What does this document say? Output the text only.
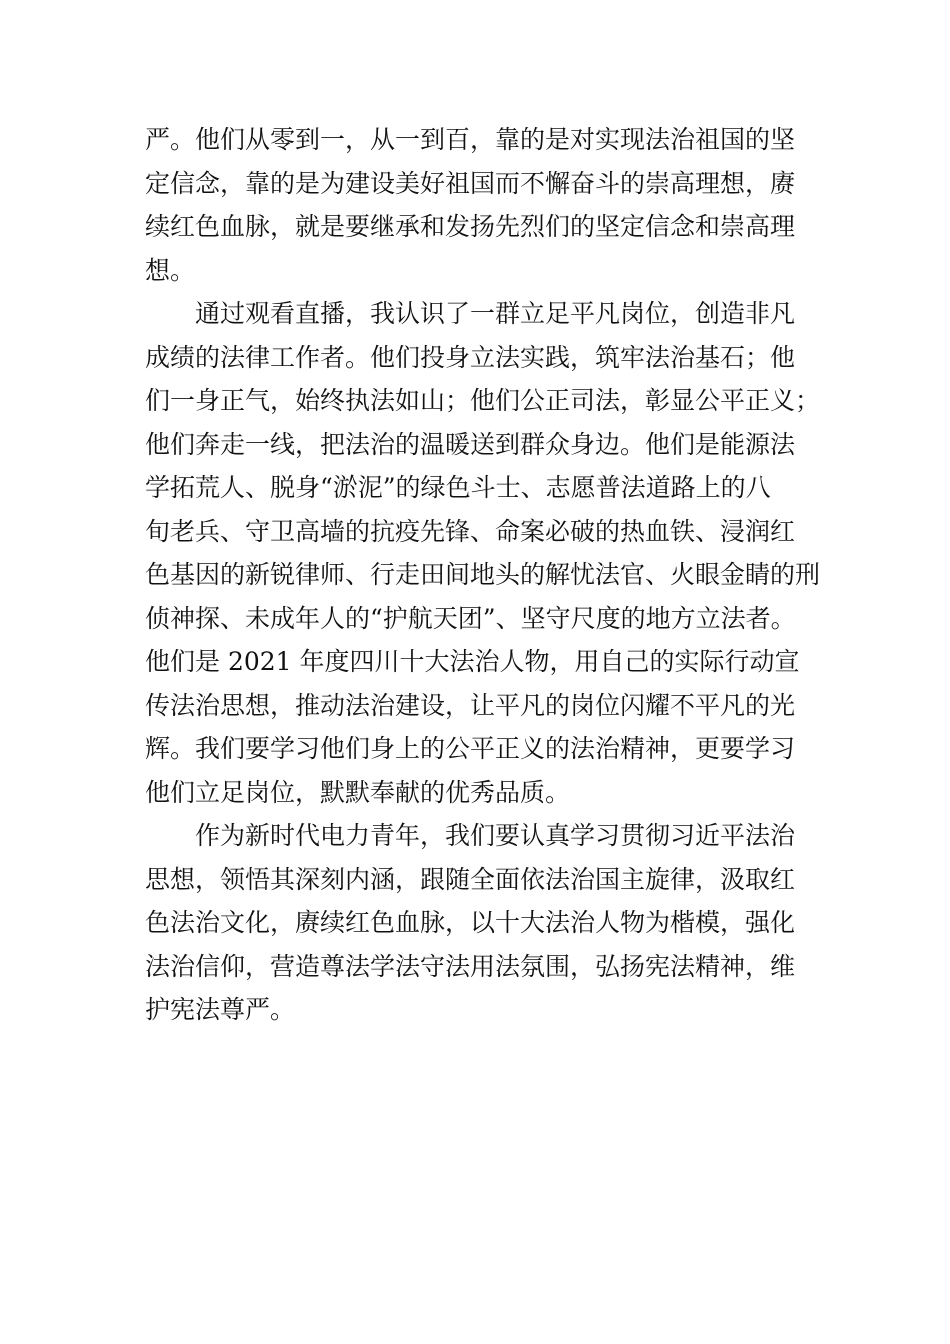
严。他们从零到一，从一到百，靠的是对实现法治祖国的坚
定信念，靠的是为建设美好祖国而不懈奋斗的崇高理想，赓
续红色血脉，就是要继承和发扬先烈们的坚定信念和崇高理
想。
通过观看直播，我认识了一群立足平凡岗位，创造非凡
成绩的法律工作者。他们投身立法实践，筑牢法治基石；他
们一身正气，始终执法如山；他们公正司法，彰显公平正义；
他们奔走一线，把法治的温暖送到群众身边。他们是能源法
学拓荒人、脱身“淤泥”的绿色斗士、志愿普法道路上的八
旬老兵、守卫高墙的抗疫先锋、命案必破的热血铁、浸润红
色基因的新锐律师、行走田间地头的解忧法官、火眼金睛的刑
侦神探、未成年人的“护航天团”、坚守尺度的地方立法者。
他们是 2021 年度四川十大法治人物，用自己的实际行动宣
传法治思想，推动法治建设，让平凡的岗位闪耀不平凡的光
辉。我们要学习他们身上的公平正义的法治精神，更要学习
他们立足岗位，默默奉献的优秀品质。
作为新时代电力青年，我们要认真学习贯彻习近平法治
思想，领悟其深刻内涵，跟随全面依法治国主旋律，汲取红
色法治文化，赓续红色血脉，以十大法治人物为楷模，强化
法治信仰，营造尊法学法守法用法氛围，弘扬宪法精神，维
护宪法尊严。
